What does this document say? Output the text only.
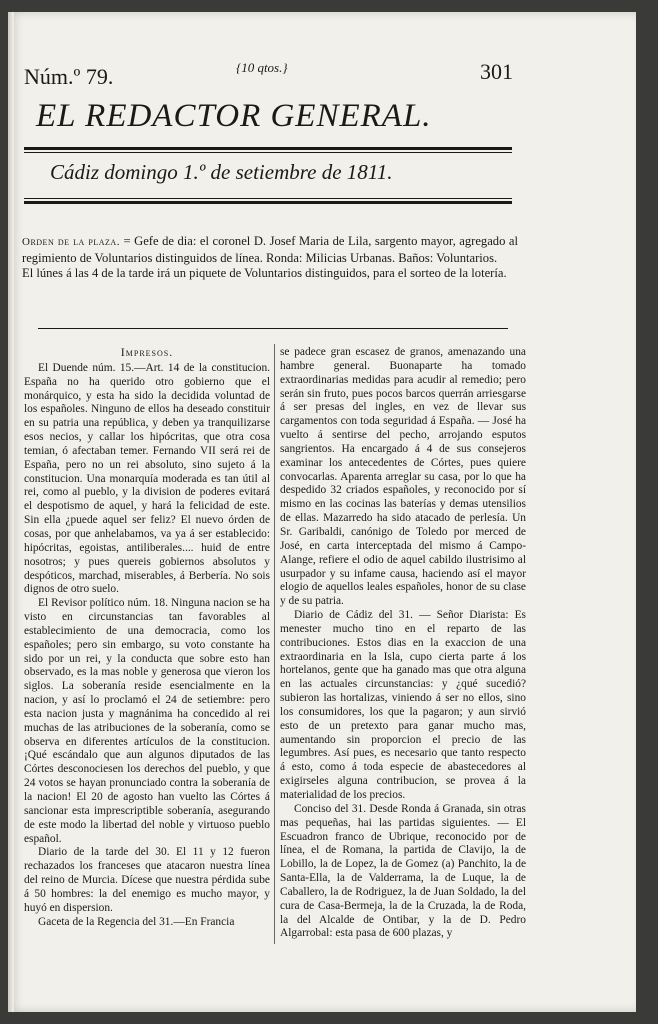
Núm.º 79.	{10 qtos.}	301
EL REDACTOR GENERAL.
Cádiz domingo 1.º de setiembre de 1811.

Orden de la plaza. = Gefe de dia: el coronel D. Josef Maria de Lila, sargento mayor, agregado al regimiento de Voluntarios distinguidos de línea. Ronda: Milicias Urbanas. Baños: Voluntarios.

El lúnes á las 4 de la tarde irá un piquete de Voluntarios distinguidos, para el sorteo de la lotería.

Impresos.

El Duende núm. 15.—Art. 14 de la constitucion. España no ha querido otro gobierno que el monárquico, y esta ha sido la decidida voluntad de los españoles. Ninguno de ellos ha deseado constituir en su patria una república, y deben ya tranquilizarse esos necios, y callar los hipócritas, que otra cosa temian, ó afectaban temer. Fernando VII será rei de España, pero no un rei absoluto, sino sujeto á la constitucion. Una monarquía moderada es tan útil al rei, como al pueblo, y la division de poderes evitará el despotismo de aquel, y hará la felicidad de este. Sin ella ¿puede aquel ser feliz? El nuevo órden de cosas, por que anhelabamos, va ya á ser establecido: hipócritas, egoistas, antiliberales.... huid de entre nosotros; y pues quereis gobiernos absolutos y despóticos, marchad, miserables, á Berbería. No sois dignos de otro suelo.

El Revisor político núm. 18. Ninguna nacion se ha visto en circunstancias tan favorables al establecimiento de una democracia, como los españoles; pero sin embargo, su voto constante ha sido por un rei, y la conducta que sobre esto han observado, es la mas noble y generosa que vieron los siglos. La soberanía reside esencialmente en la nacion, y así lo proclamó el 24 de setiembre: pero esta nacion justa y magnánima ha concedido al rei muchas de las atribuciones de la soberanía, como se observa en diferentes artículos de la constitucion. ¡Qué escándalo que aun algunos diputados de las Córtes desconociesen los derechos del pueblo, y que 24 votos se hayan pronunciado contra la soberanía de la nacion! El 20 de agosto han vuelto las Córtes á sancionar esta imprescriptible soberanía, asegurando de este modo la libertad del noble y virtuoso pueblo español.

Diario de la tarde del 30. El 11 y 12 fueron rechazados los franceses que atacaron nuestra línea del reino de Murcia. Dícese que nuestra pérdida sube á 50 hombres: la del enemigo es mucho mayor, y huyó en dispersion.

Gaceta de la Regencia del 31.—En Francia

se padece gran escasez de granos, amenazando una hambre general. Buonaparte ha tomado extraordinarias medidas para acudir al remedio; pero serán sin fruto, pues pocos barcos querrán arriesgarse á ser presas del ingles, en vez de llevar sus cargamentos con toda seguridad á España. — José ha vuelto á sentirse del pecho, arrojando esputos sangrientos. Ha encargado á 4 de sus consejeros examinar los antecedentes de Córtes, pues quiere convocarlas. Aparenta arreglar su casa, por lo que ha despedido 32 criados españoles, y reconocido por sí mismo en las cocinas las baterías y demas utensilios de ellas. Mazarredo ha sido atacado de perlesía. Un Sr. Garibaldi, canónigo de Toledo por merced de José, en carta interceptada del mismo á Campo-Alange, refiere el odio de aquel cabildo ilustrisimo al usurpador y su infame causa, haciendo así el mayor elogio de aquellos leales españoles, honor de su clase y de su patria.

Diario de Cádiz del 31. — Señor Diarista: Es menester mucho tino en el reparto de las contribuciones. Estos dias en la exaccion de una extraordinaria en la Isla, cupo cierta parte á los hortelanos, gente que ha ganado mas que otra alguna en las actuales circunstancias: y ¿qué sucedió? subieron las hortalizas, viniendo á ser no ellos, sino los consumidores, los que la pagaron; y aun sirvió esto de un pretexto para ganar mucho mas, aumentando sin proporcion el precio de las legumbres. Así pues, es necesario que tanto respecto á esto, como á toda especie de abastecedores al exigirseles alguna contribucion, se provea á la materialidad de los precios.

Conciso del 31. Desde Ronda á Granada, sin otras mas pequeñas, hai las partidas siguientes. — El Escuadron franco de Ubrique, reconocido por de línea, el de Romana, la partida de Clavijo, la de Lobillo, la de Lopez, la de Gomez (a) Panchito, la de Santa-Ella, la de Valderrama, la de Luque, la de Caballero, la de Rodriguez, la de Juan Soldado, la del cura de Casa-Bermeja, la de la Cruzada, la de Roda, la del Alcalde de Ontibar, y la de D. Pedro Algarrobal: esta pasa de 600 plazas, y
